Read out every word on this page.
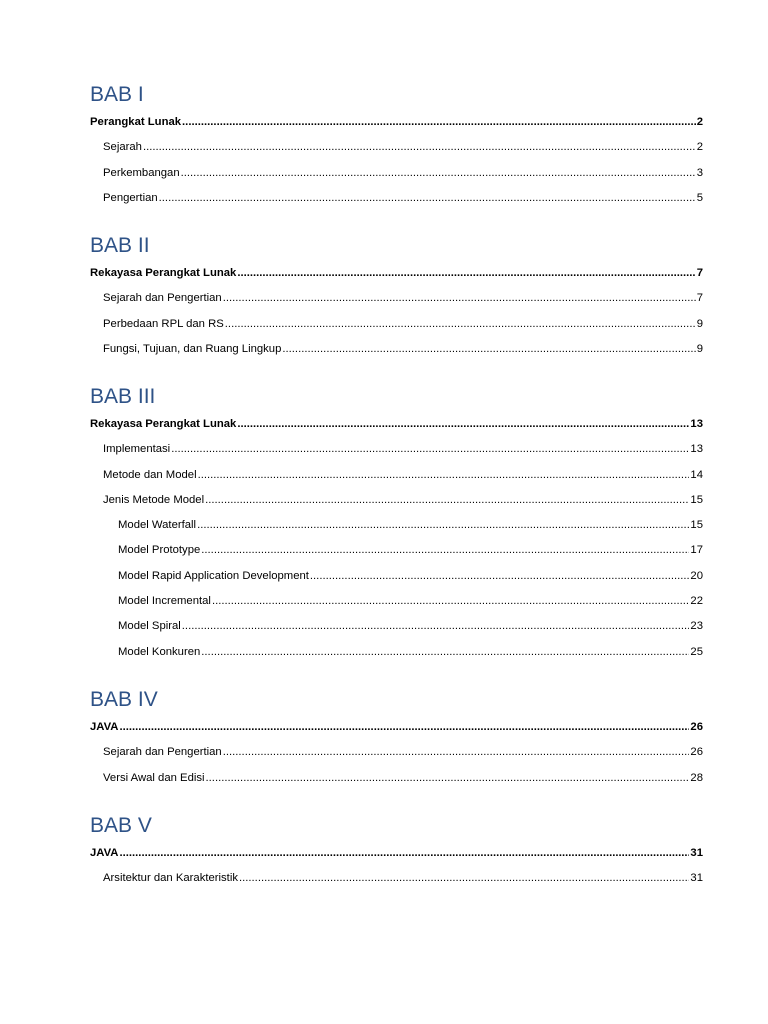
BAB I
Perangkat Lunak .....	2
Sejarah .....	2
Perkembangan .....	3
Pengertian .....	5
BAB II
Rekayasa Perangkat Lunak .....	7
Sejarah dan Pengertian .....	7
Perbedaan RPL dan RS .....	9
Fungsi, Tujuan, dan Ruang Lingkup .....	9
BAB III
Rekayasa Perangkat Lunak .....	13
Implementasi .....	13
Metode dan Model .....	14
Jenis Metode Model .....	15
Model Waterfall .....	15
Model Prototype .....	17
Model Rapid Application Development .....	20
Model Incremental .....	22
Model Spiral .....	23
Model Konkuren .....	25
BAB IV
JAVA .....	26
Sejarah dan Pengertian .....	26
Versi Awal dan Edisi .....	28
BAB V
JAVA .....	31
Arsitektur dan Karakteristik .....	31
